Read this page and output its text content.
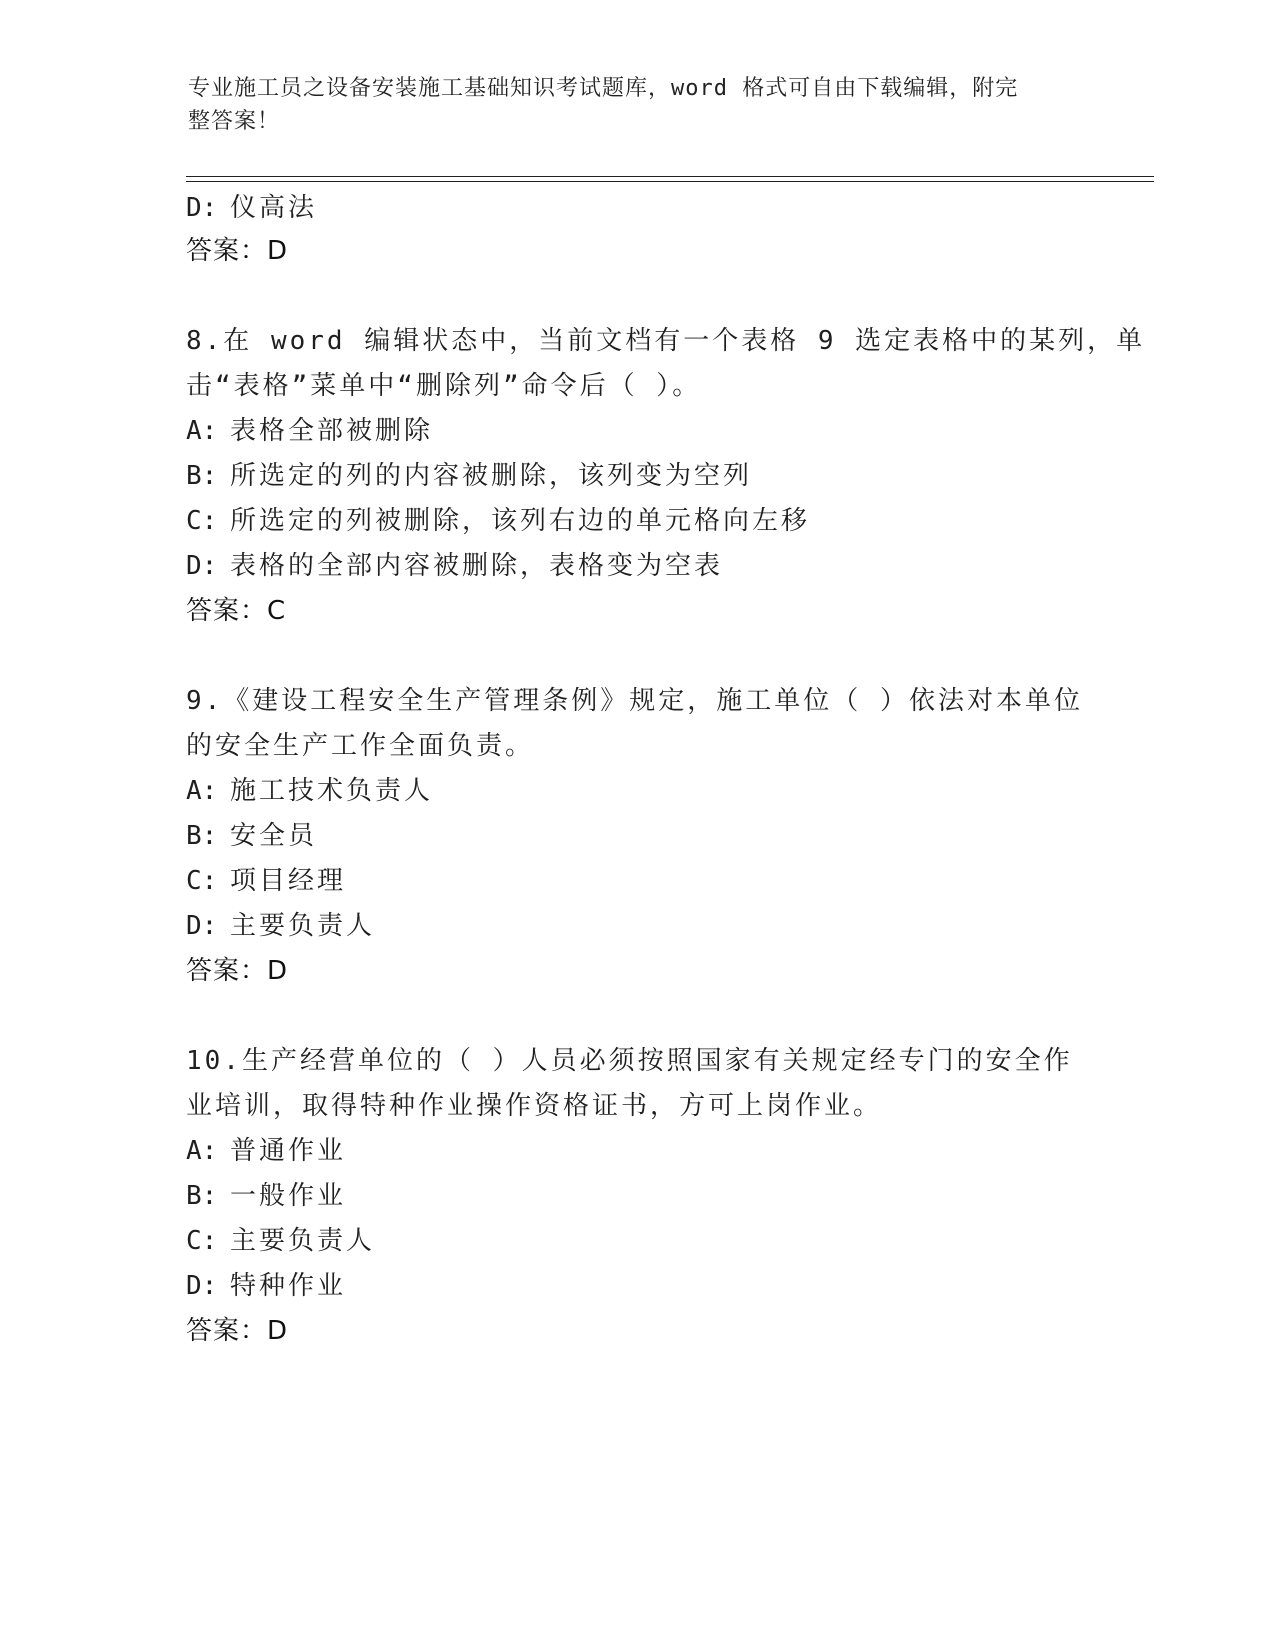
专业施工员之设备安装施工基础知识考试题库，word 格式可自由下载编辑，附完
整答案！
D: 仪高法
答案：D
8.在 word 编辑状态中，当前文档有一个表格 9 选定表格中的某列，单
击“表格”菜单中“删除列”命令后（ ）。
A: 表格全部被删除
B: 所选定的列的内容被删除，该列变为空列
C: 所选定的列被删除，该列右边的单元格向左移
D: 表格的全部内容被删除，表格变为空表
答案：C
9.《建设工程安全生产管理条例》规定，施工单位（ ）依法对本单位
的安全生产工作全面负责。
A: 施工技术负责人
B: 安全员
C: 项目经理
D: 主要负责人
答案：D
10.生产经营单位的（ ）人员必须按照国家有关规定经专门的安全作
业培训，取得特种作业操作资格证书，方可上岗作业。
A: 普通作业
B: 一般作业
C: 主要负责人
D: 特种作业
答案：D
